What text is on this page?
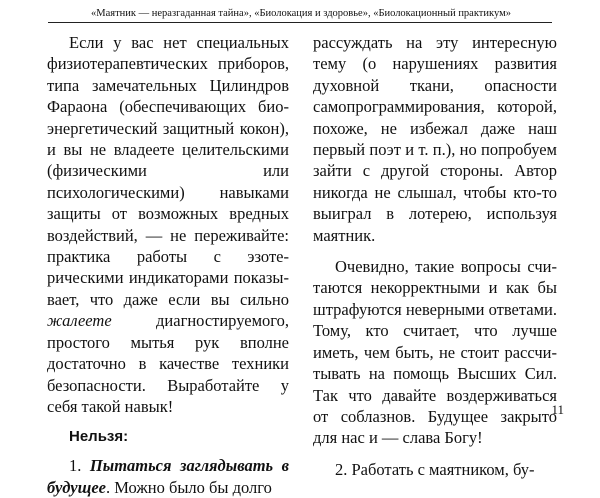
«Маятник — неразгаданная тайна», «Биолокация и здоровье», «Биолокационный практикум»

Если у вас нет специальных физиотерапевтических приборов, типа замечательных Цилиндров Фараона (обеспечивающих биоэнергетический защитный кокон), и вы не владеете целительскими (физическими или психологическими) навыками защиты от возможных вредных воздействий, — не переживайте: практика работы с эзотерическими индикаторами показывает, что даже если вы сильно жалеете диагностируемого, простого мытья рук вполне достаточно в качестве техники безопасности. Выработайте у себя такой навык!

Нельзя:

1. Пытаться заглядывать в будущее. Можно было бы долго

рассуждать на эту интересную тему (о нарушениях развития духовной ткани, опасности самопрограммирования, которой, похоже, не избежал даже наш первый поэт и т. п.), но попробуем зайти с другой стороны. Автор никогда не слышал, чтобы кто-то выиграл в лотерею, используя маятник.

Очевидно, такие вопросы считаются некорректными и как бы штрафуются неверными ответами. Тому, кто считает, что лучше иметь, чем быть, не стоит рассчитывать на помощь Высших Сил. Так что давайте воздерживаться от соблазнов. Будущее закрыто для нас и — слава Богу!

2. Работать с маятником, бу-

11
